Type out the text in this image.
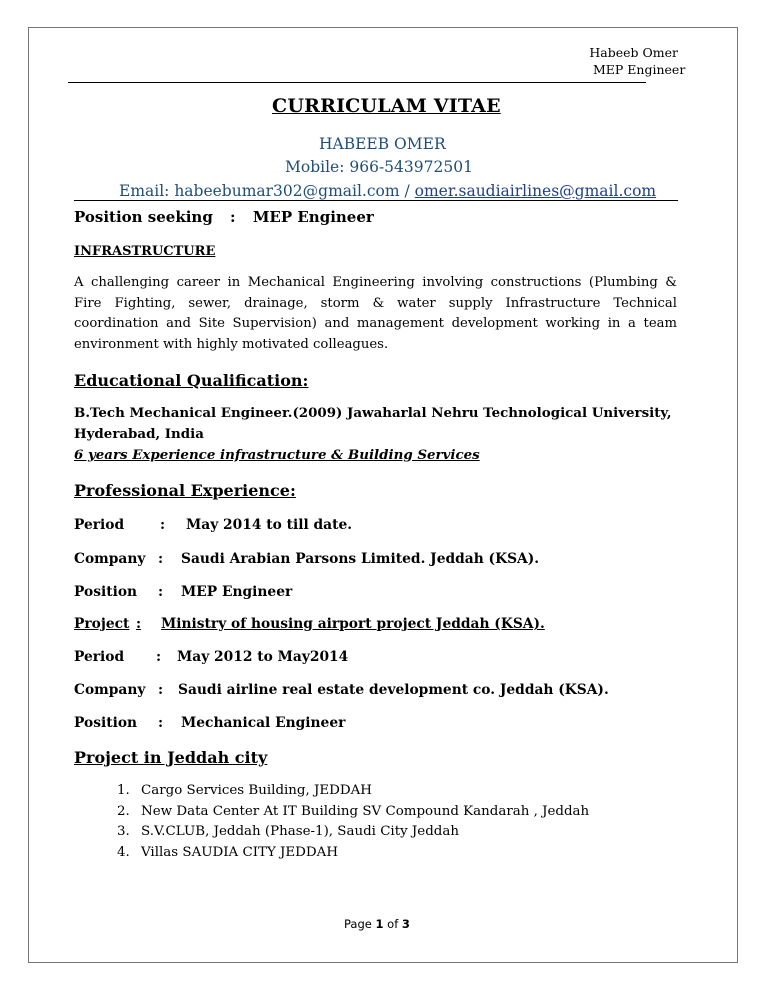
Habeeb Omer
MEP Engineer
CURRICULAM VITAE
HABEEB OMER
Mobile: 966-543972501
Email: habeebumar302@gmail.com / omer.saudiairlines@gmail.com
Position seeking : MEP Engineer
INFRASTRUCTURE
A challenging career in Mechanical Engineering involving constructions (Plumbing & Fire Fighting, sewer, drainage, storm & water supply Infrastructure Technical coordination and Site Supervision) and management development working in a team environment with highly motivated colleagues.
Educational Qualification:
B.Tech Mechanical Engineer.(2009) Jawaharlal Nehru Technological University,
Hyderabad, India
6 years Experience infrastructure & Building Services
Professional Experience:
Period	: May 2014 to till date.
Company : Saudi Arabian Parsons Limited. Jeddah (KSA).
Position : MEP Engineer
Project : Ministry of housing airport project Jeddah (KSA).
Period : May 2012 to May2014
Company : Saudi airline real estate development co. Jeddah (KSA).
Position : Mechanical Engineer
Project in Jeddah city
1. Cargo Services Building, JEDDAH
2. New Data Center At IT Building SV Compound Kandarah , Jeddah
3. S.V.CLUB, Jeddah (Phase-1), Saudi City Jeddah
4. Villas SAUDIA CITY JEDDAH
Page 1 of 3
